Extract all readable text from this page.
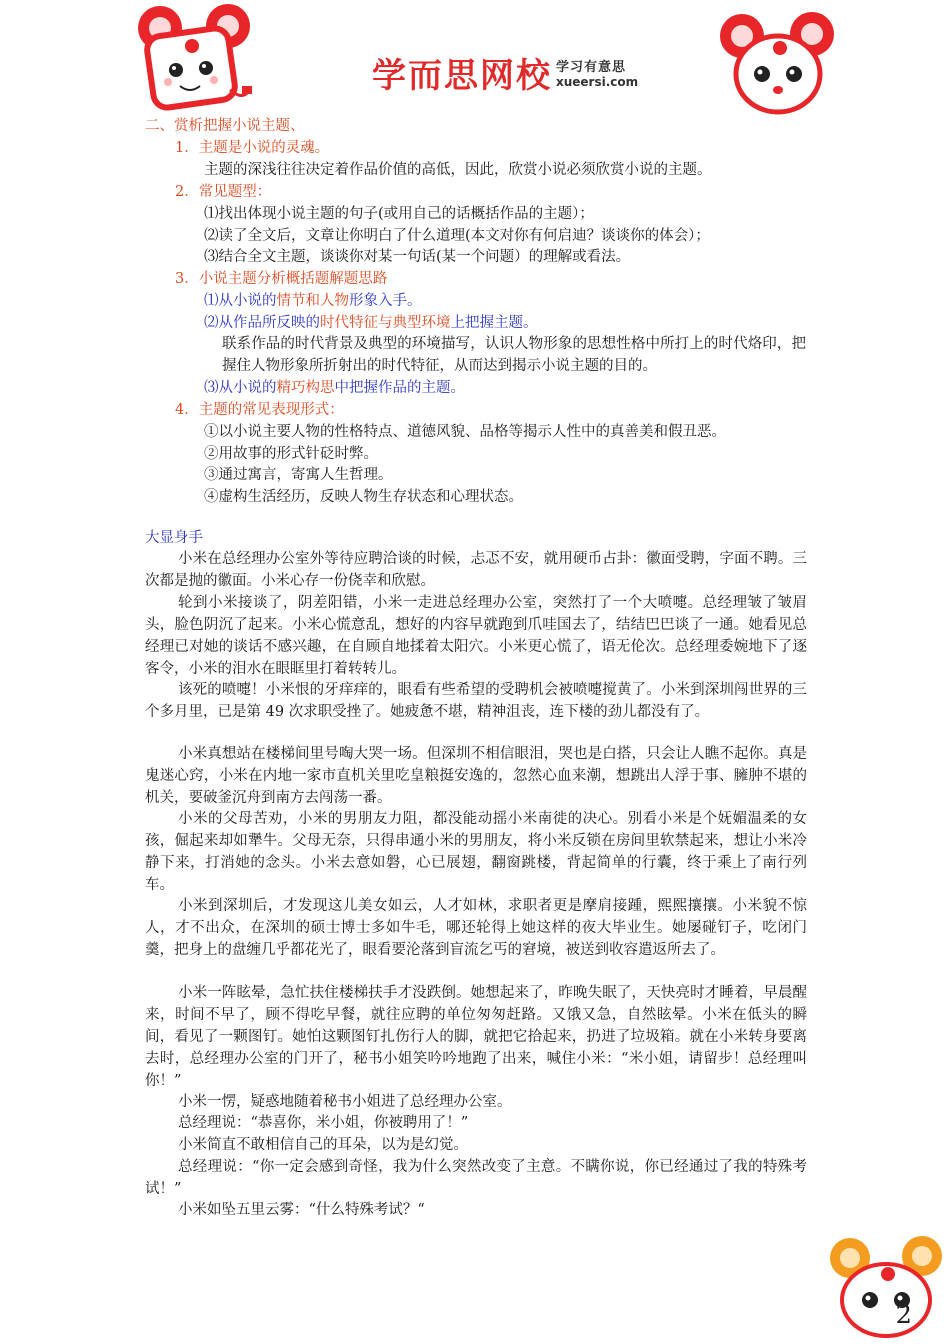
学而思网校 学习有意思
xueersi.com
二、赏析把握小说主题、
1．主题是小说的灵魂。
主题的深浅往往决定着作品价值的高低，因此，欣赏小说必须欣赏小说的主题。
2．常见题型：
⑴找出体现小说主题的句子(或用自己的话概括作品的主题）；
⑵读了全文后，文章让你明白了什么道理(本文对你有何启迪？谈谈你的体会）；
⑶结合全文主题，谈谈你对某一句话(某一个问题）的理解或看法。
3．小说主题分析概括题解题思路
⑴从小说的情节和人物形象入手。
⑵从作品所反映的时代特征与典型环境上把握主题。
联系作品的时代背景及典型的环境描写，认识人物形象的思想性格中所打上的时代烙印，把握住人物形象所折射出的时代特征，从而达到揭示小说主题的目的。
⑶从小说的精巧构思中把握作品的主题。
4．主题的常见表现形式：
①以小说主要人物的性格特点、道德风貌、品格等揭示人性中的真善美和假丑恶。
②用故事的形式针砭时弊。
③通过寓言，寄寓人生哲理。
④虚构生活经历，反映人物生存状态和心理状态。
大显身手
小米在总经理办公室外等待应聘洽谈的时候，忐忑不安，就用硬币占卦：徽面受聘，字面不聘。三次都是抛的徽面。小米心存一份侥幸和欣慰。
轮到小米接谈了，阴差阳错，小米一走进总经理办公室，突然打了一个大喷嚏。总经理皱了皱眉头，脸色阴沉了起来。小米心慌意乱，想好的内容早就跑到爪哇国去了，结结巴巴谈了一通。她看见总经理已对她的谈话不感兴趣，在自顾自地揉着太阳穴。小米更心慌了，语无伦次。总经理委婉地下了逐客令，小米的泪水在眼眶里打着转转儿。
该死的喷嚏！小米恨的牙痒痒的，眼看有些希望的受聘机会被喷嚏搅黄了。小米到深圳闯世界的三个多月里，已是第 49 次求职受挫了。她疲惫不堪，精神沮丧，连下楼的劲儿都没有了。
小米真想站在楼梯间里号啕大哭一场。但深圳不相信眼泪，哭也是白搭，只会让人瞧不起你。真是鬼迷心窍，小米在内地一家市直机关里吃皇粮挺安逸的，忽然心血来潮，想跳出人浮于事、臃肿不堪的机关，要破釜沉舟到南方去闯荡一番。
小米的父母苦劝，小米的男朋友力阻，都没能动摇小米南徙的决心。别看小米是个妩媚温柔的女孩，倔起来却如犟牛。父母无奈，只得串通小米的男朋友，将小米反锁在房间里软禁起来，想让小米冷静下来，打消她的念头。小米去意如磐，心已展翅，翻窗跳楼，背起简单的行囊，终于乘上了南行列车。
小米到深圳后，才发现这儿美女如云，人才如林，求职者更是摩肩接踵，熙熙攘攘。小米貌不惊人，才不出众，在深圳的硕士博士多如牛毛，哪还轮得上她这样的夜大毕业生。她屡碰钉子，吃闭门羹，把身上的盘缠几乎都花光了，眼看要沦落到盲流乞丐的窘境，被送到收容遣返所去了。
小米一阵眩晕，急忙扶住楼梯扶手才没跌倒。她想起来了，昨晚失眠了，天快亮时才睡着，早晨醒来，时间不早了，顾不得吃早餐，就往应聘的单位匆匆赶路。又饿又急，自然眩晕。小米在低头的瞬间，看见了一颗图钉。她怕这颗图钉扎伤行人的脚，就把它拾起来，扔进了垃圾箱。就在小米转身要离去时，总经理办公室的门开了，秘书小姐笑吟吟地跑了出来，喊住小米：“米小姐，请留步！总经理叫你！”
小米一愣，疑惑地随着秘书小姐进了总经理办公室。
总经理说：“恭喜你，米小姐，你被聘用了！”
小米简直不敢相信自己的耳朵，以为是幻觉。
总经理说：“你一定会感到奇怪，我为什么突然改变了主意。不瞒你说，你已经通过了我的特殊考试！”
小米如坠五里云雾：“什么特殊考试？“
2
